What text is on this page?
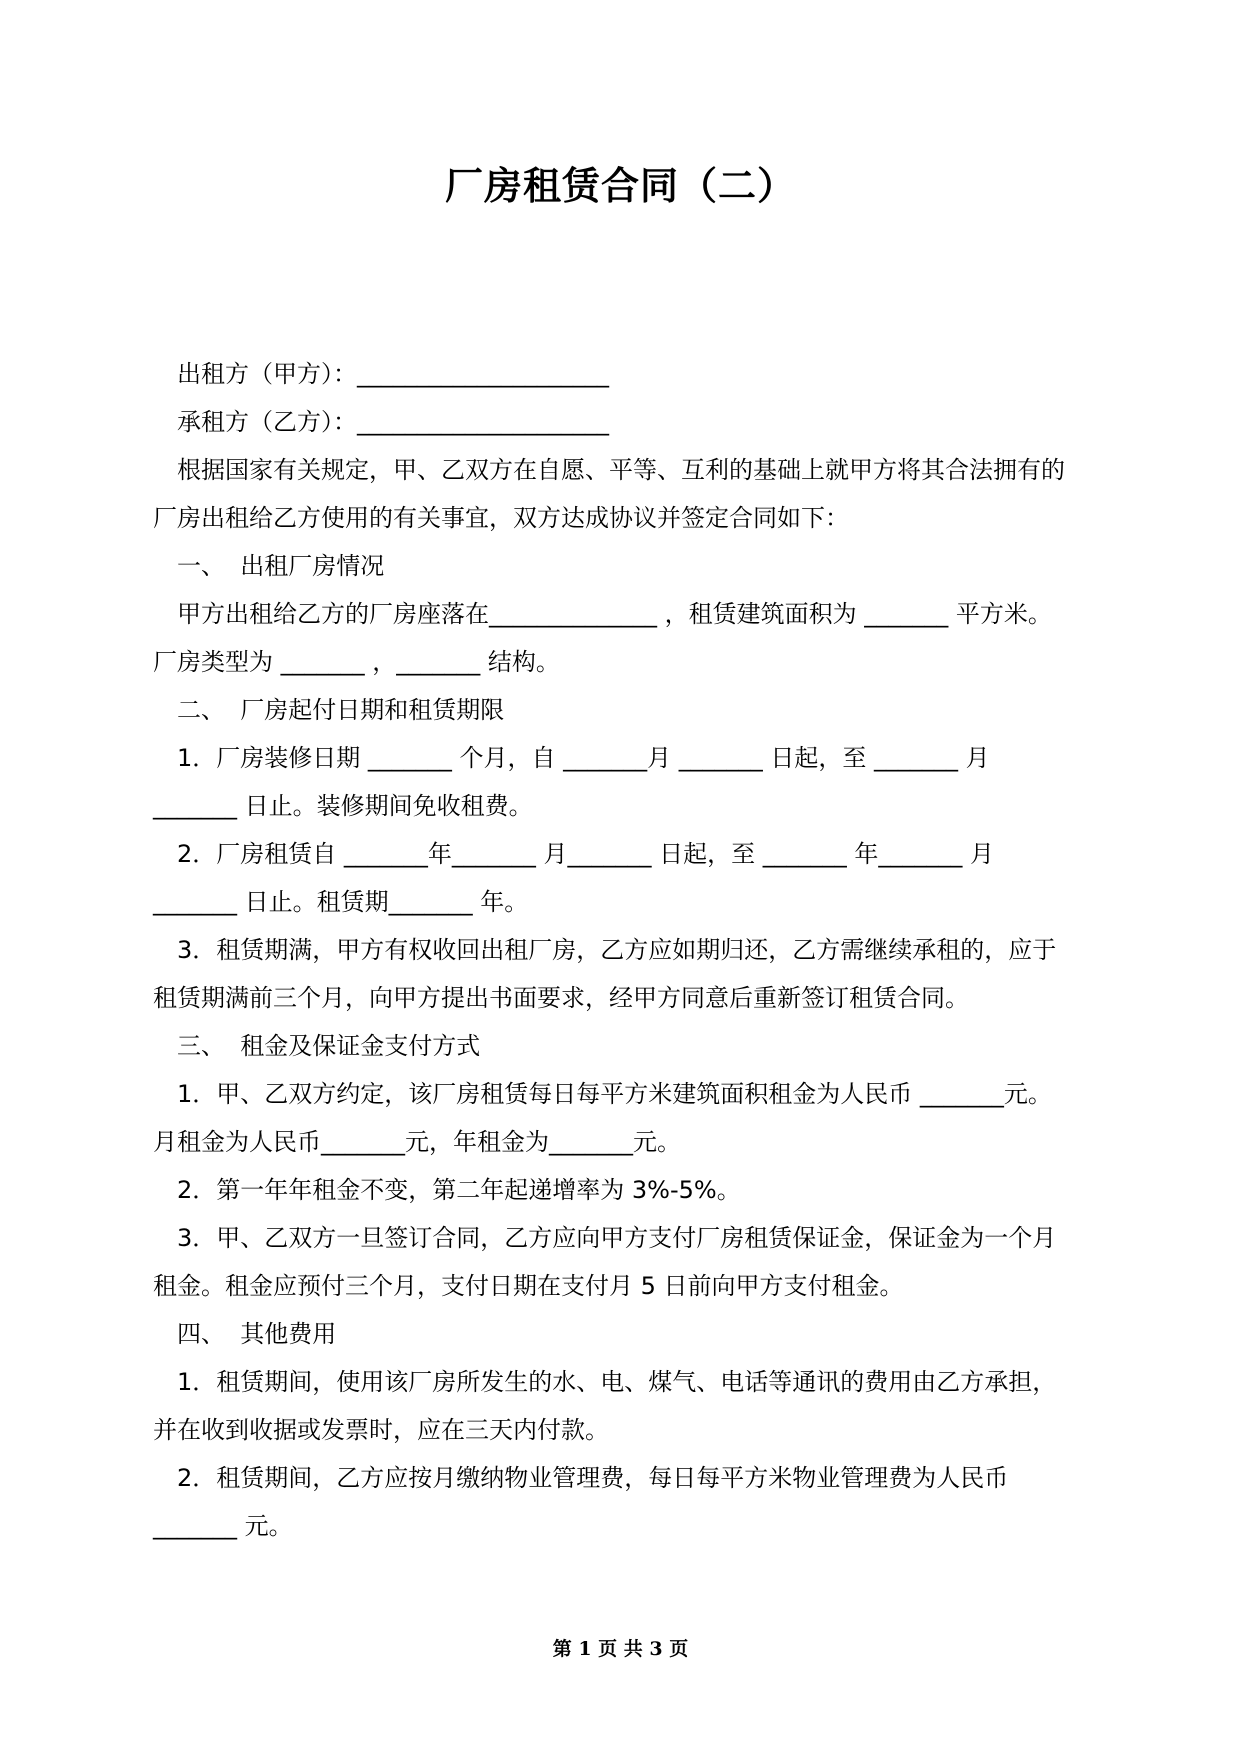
厂房租赁合同（二）

出租方（甲方）：_____________________

承租方（乙方）：_____________________

根据国家有关规定，甲、乙双方在自愿、平等、互利的基础上就甲方将其合法拥有的

厂房出租给乙方使用的有关事宜，双方达成协议并签定合同如下：

一、  出租厂房情况

甲方出租给乙方的厂房座落在______________ ，租赁建筑面积为 _______ 平方米。

厂房类型为 _______ ，_______ 结构。

二、  厂房起付日期和租赁期限

1．厂房装修日期 _______ 个月，自 _______月 _______ 日起，至 _______ 月

_______ 日止。装修期间免收租费。

2．厂房租赁自 _______年_______ 月_______ 日起，至 _______ 年_______ 月

_______ 日止。租赁期_______ 年。

3．租赁期满，甲方有权收回出租厂房，乙方应如期归还，乙方需继续承租的，应于

租赁期满前三个月，向甲方提出书面要求，经甲方同意后重新签订租赁合同。

三、  租金及保证金支付方式

1．甲、乙双方约定，该厂房租赁每日每平方米建筑面积租金为人民币 _______元。

月租金为人民币_______元，年租金为_______元。

2．第一年年租金不变，第二年起递增率为 3%-5%。

3．甲、乙双方一旦签订合同，乙方应向甲方支付厂房租赁保证金，保证金为一个月

租金。租金应预付三个月，支付日期在支付月 5 日前向甲方支付租金。

四、  其他费用

1．租赁期间，使用该厂房所发生的水、电、煤气、电话等通讯的费用由乙方承担，

并在收到收据或发票时，应在三天内付款。

2．租赁期间，乙方应按月缴纳物业管理费，每日每平方米物业管理费为人民币

_______ 元。

第 1 页 共 3 页
